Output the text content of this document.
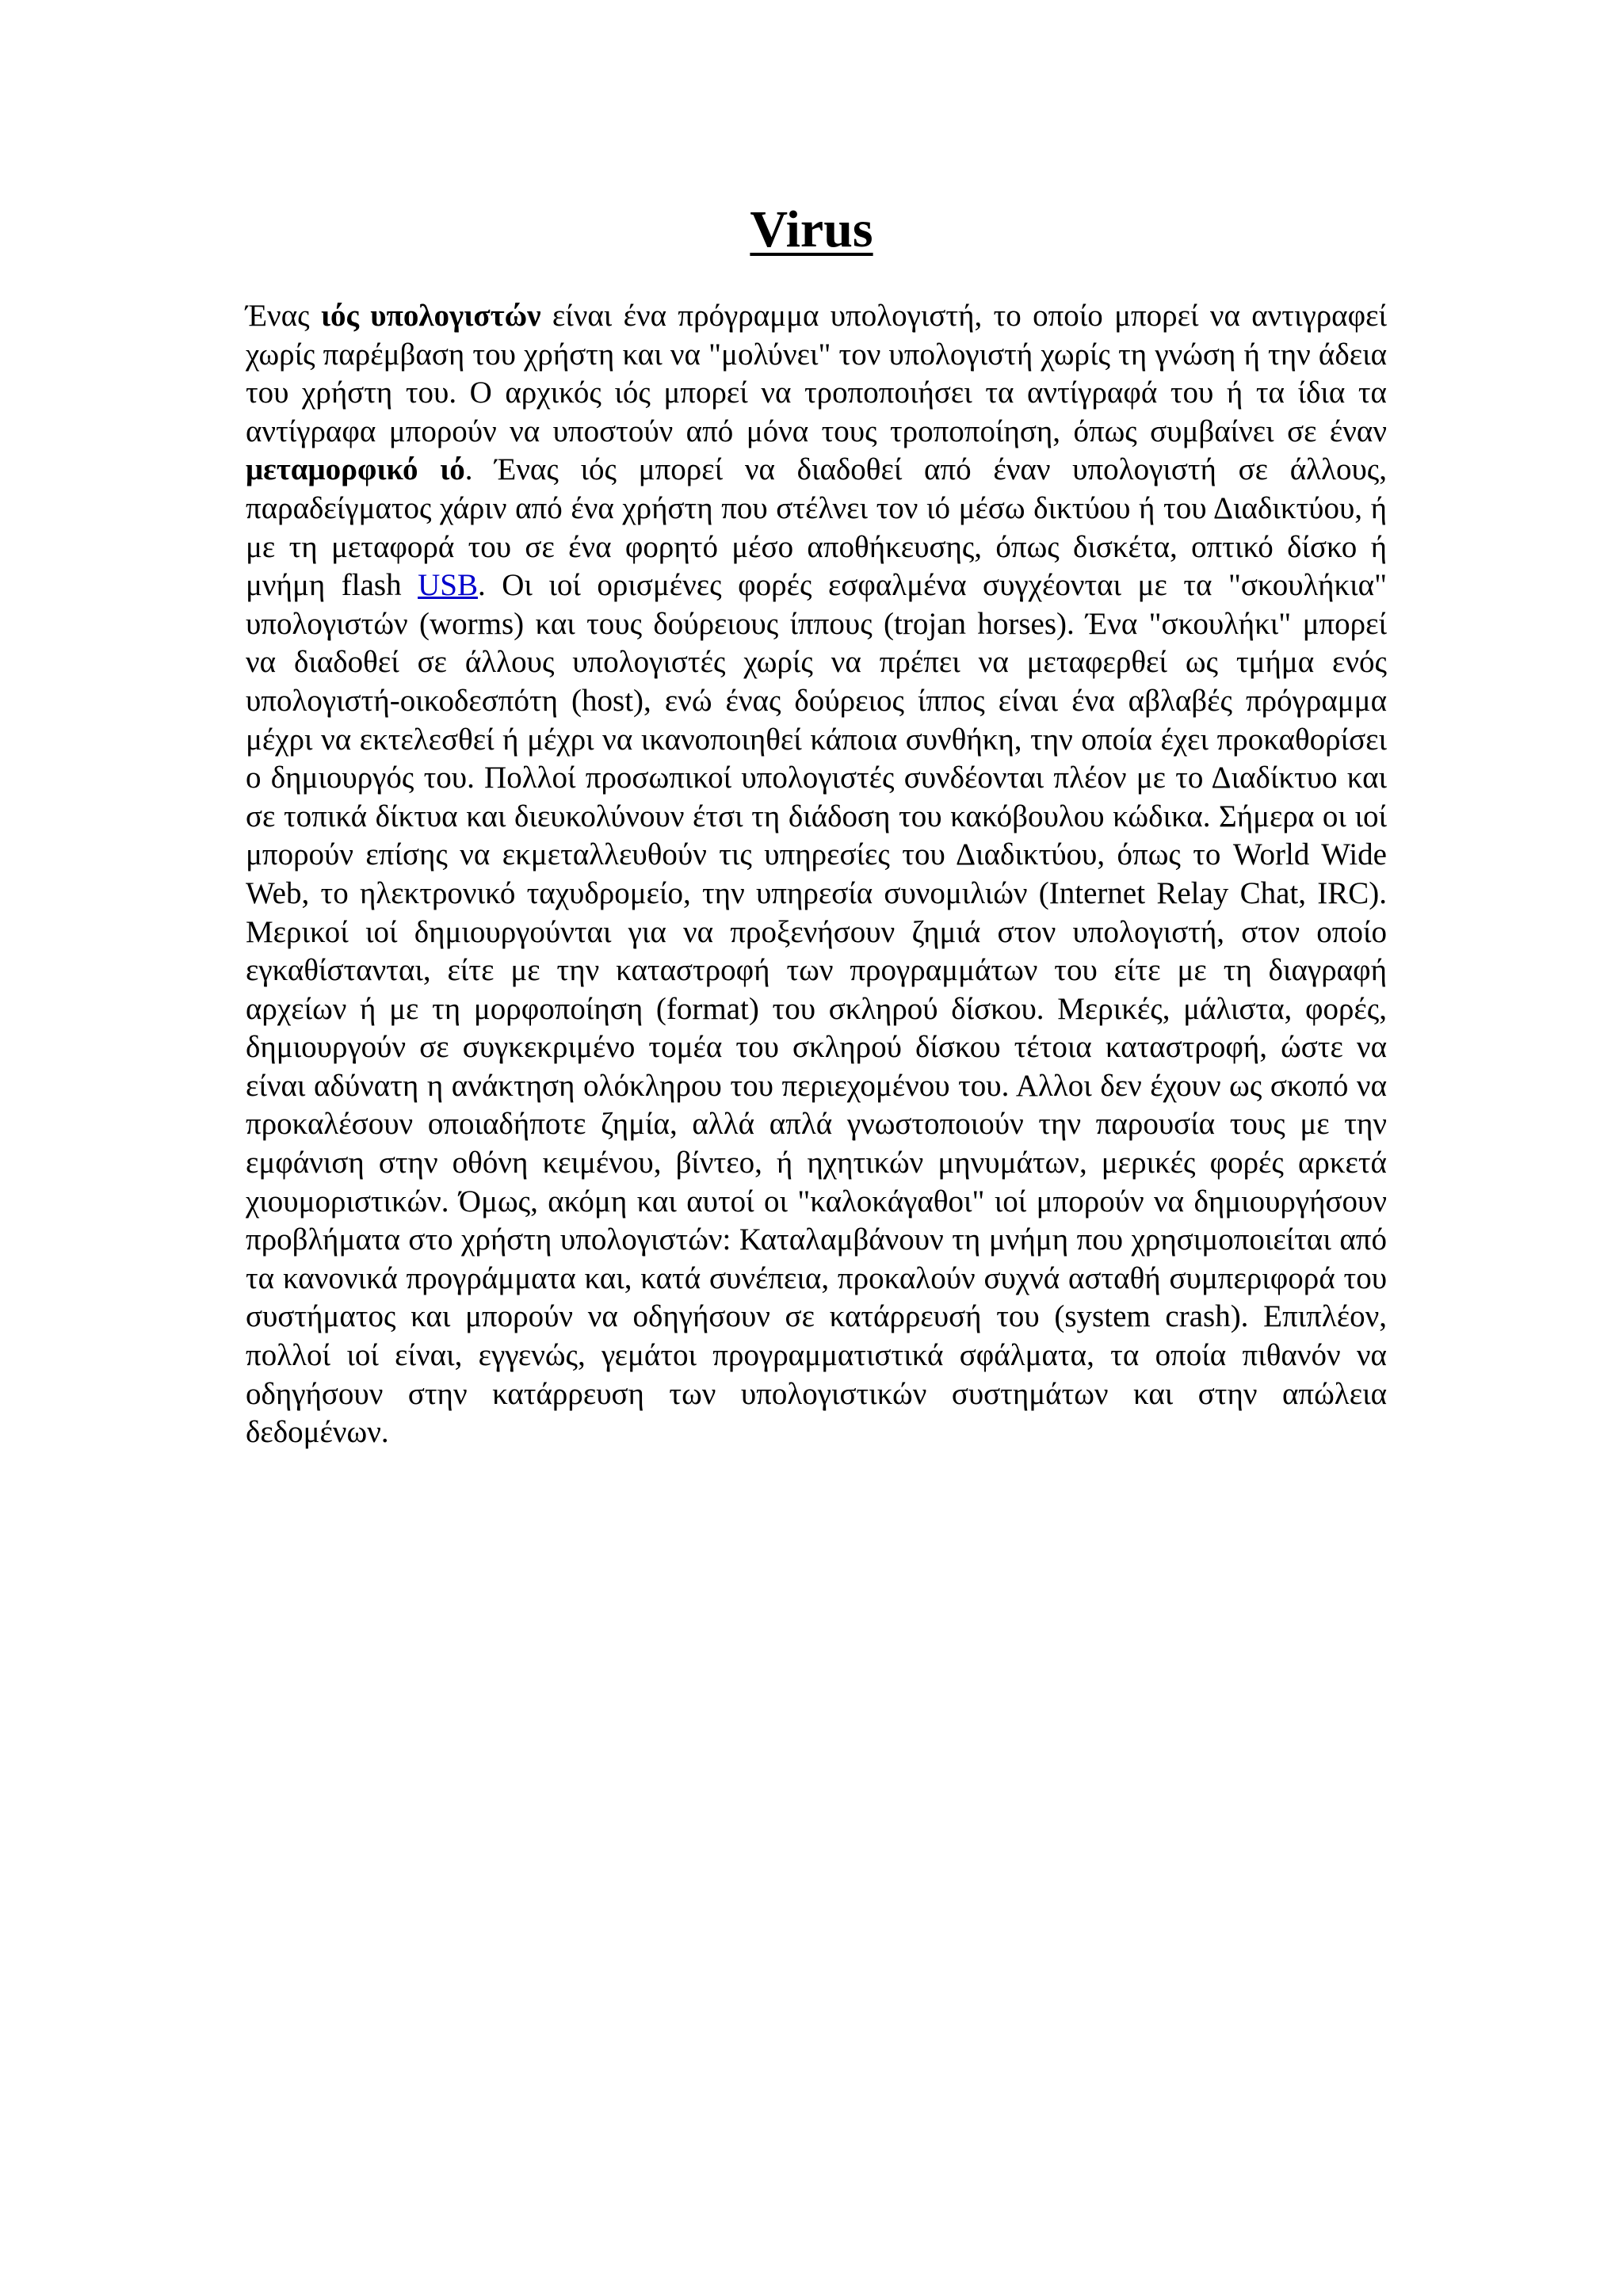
Virus

Ένας ιός υπολογιστών είναι ένα πρόγραμμα υπολογιστή, το οποίο μπορεί να αντιγραφεί χωρίς παρέμβαση του χρήστη και να "μολύνει" τον υπολογιστή χωρίς τη γνώση ή την άδεια του χρήστη του. Ο αρχικός ιός μπορεί να τροποποιήσει τα αντίγραφά του ή τα ίδια τα αντίγραφα μπορούν να υποστούν από μόνα τους τροποποίηση, όπως συμβαίνει σε έναν μεταμορφικό ιό. Ένας ιός μπορεί να διαδοθεί από έναν υπολογιστή σε άλλους, παραδείγματος χάριν από ένα χρήστη που στέλνει τον ιό μέσω δικτύου ή του Διαδικτύου, ή με τη μεταφορά του σε ένα φορητό μέσο αποθήκευσης, όπως δισκέτα, οπτικό δίσκο ή μνήμη flash USB. Οι ιοί ορισμένες φορές εσφαλμένα συγχέονται με τα "σκουλήκια" υπολογιστών (worms) και τους δούρειους ίππους (trojan horses). Ένα "σκουλήκι" μπορεί να διαδοθεί σε άλλους υπολογιστές χωρίς να πρέπει να μεταφερθεί ως τμήμα ενός υπολογιστή-οικοδεσπότη (host), ενώ ένας δούρειος ίππος είναι ένα αβλαβές πρόγραμμα μέχρι να εκτελεσθεί ή μέχρι να ικανοποιηθεί κάποια συνθήκη, την οποία έχει προκαθορίσει ο δημιουργός του. Πολλοί προσωπικοί υπολογιστές συνδέονται πλέον με το Διαδίκτυο και σε τοπικά δίκτυα και διευκολύνουν έτσι τη διάδοση του κακόβουλου κώδικα. Σήμερα οι ιοί μπορούν επίσης να εκμεταλλευθούν τις υπηρεσίες του Διαδικτύου, όπως το World Wide Web, το ηλεκτρονικό ταχυδρομείο, την υπηρεσία συνομιλιών (Internet Relay Chat, IRC). Μερικοί ιοί δημιουργούνται για να προξενήσουν ζημιά στον υπολογιστή, στον οποίο εγκαθίστανται, είτε με την καταστροφή των προγραμμάτων του είτε με τη διαγραφή αρχείων ή με τη μορφοποίηση (format) του σκληρού δίσκου. Μερικές, μάλιστα, φορές, δημιουργούν σε συγκεκριμένο τομέα του σκληρού δίσκου τέτοια καταστροφή, ώστε να είναι αδύνατη η ανάκτηση ολόκληρου του περιεχομένου του. Αλλοι δεν έχουν ως σκοπό να προκαλέσουν οποιαδήποτε ζημία, αλλά απλά γνωστοποιούν την παρουσία τους με την εμφάνιση στην οθόνη κειμένου, βίντεο, ή ηχητικών μηνυμάτων, μερικές φορές αρκετά χιουμοριστικών. Όμως, ακόμη και αυτοί οι "καλοκάγαθοι" ιοί μπορούν να δημιουργήσουν προβλήματα στο χρήστη υπολογιστών: Καταλαμβάνουν τη μνήμη που χρησιμοποιείται από τα κανονικά προγράμματα και, κατά συνέπεια, προκαλούν συχνά ασταθή συμπεριφορά του συστήματος και μπορούν να οδηγήσουν σε κατάρρευσή του (system crash). Επιπλέον, πολλοί ιοί είναι, εγγενώς, γεμάτοι προγραμματιστικά σφάλματα, τα οποία πιθανόν να οδηγήσουν στην κατάρρευση των υπολογιστικών συστημάτων και στην απώλεια δεδομένων.
